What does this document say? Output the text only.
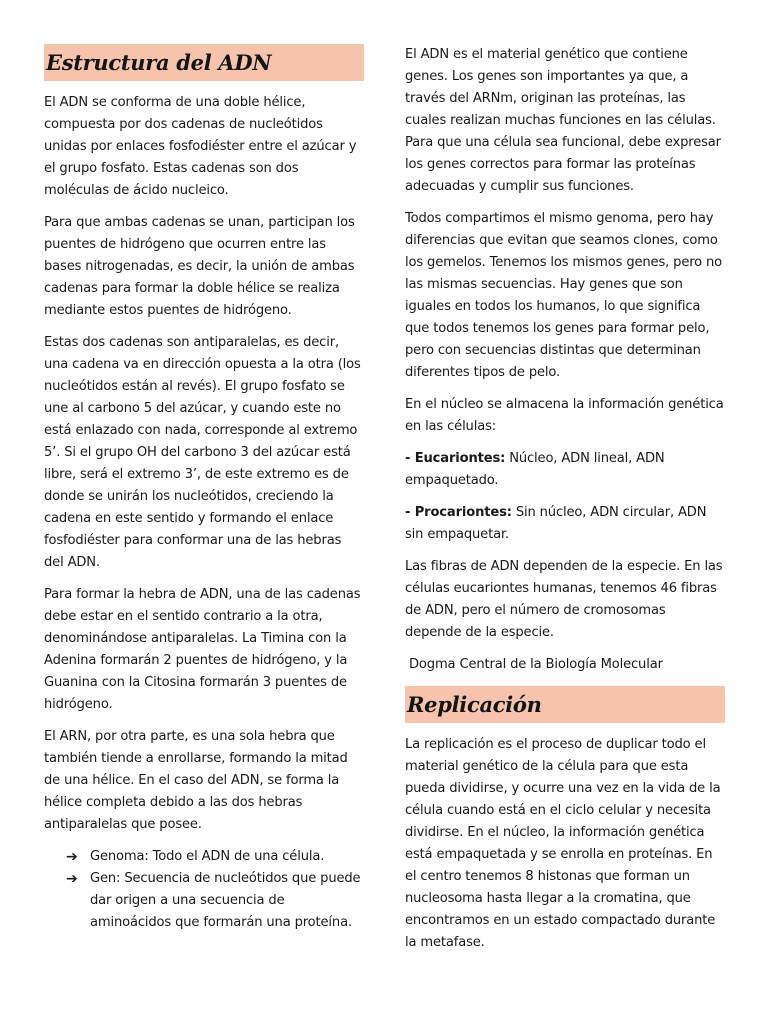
Estructura del ADN

El ADN se conforma de una doble hélice, compuesta por dos cadenas de nucleótidos unidas por enlaces fosfodiéster entre el azúcar y el grupo fosfato. Estas cadenas son dos moléculas de ácido nucleico.

Para que ambas cadenas se unan, participan los puentes de hidrógeno que ocurren entre las bases nitrogenadas, es decir, la unión de ambas cadenas para formar la doble hélice se realiza mediante estos puentes de hidrógeno.

Estas dos cadenas son antiparalelas, es decir, una cadena va en dirección opuesta a la otra (los nucleótidos están al revés). El grupo fosfato se une al carbono 5 del azúcar, y cuando este no está enlazado con nada, corresponde al extremo 5’. Si el grupo OH del carbono 3 del azúcar está libre, será el extremo 3’, de este extremo es de donde se unirán los nucleótidos, creciendo la cadena en este sentido y formando el enlace fosfodiéster para conformar una de las hebras del ADN.

Para formar la hebra de ADN, una de las cadenas debe estar en el sentido contrario a la otra, denominándose antiparalelas. La Timina con la Adenina formarán 2 puentes de hidrógeno, y la Guanina con la Citosina formarán 3 puentes de hidrógeno.

El ARN, por otra parte, es una sola hebra que también tiende a enrollarse, formando la mitad de una hélice. En el caso del ADN, se forma la hélice completa debido a las dos hebras antiparalelas que posee.

➔ Genoma: Todo el ADN de una célula.
➔ Gen: Secuencia de nucleótidos que puede dar origen a una secuencia de aminoácidos que formarán una proteína.

El ADN es el material genético que contiene genes. Los genes son importantes ya que, a través del ARNm, originan las proteínas, las cuales realizan muchas funciones en las células. Para que una célula sea funcional, debe expresar los genes correctos para formar las proteínas adecuadas y cumplir sus funciones.

Todos compartimos el mismo genoma, pero hay diferencias que evitan que seamos clones, como los gemelos. Tenemos los mismos genes, pero no las mismas secuencias. Hay genes que son iguales en todos los humanos, lo que significa que todos tenemos los genes para formar pelo, pero con secuencias distintas que determinan diferentes tipos de pelo.

En el núcleo se almacena la información genética en las células:

- Eucariontes: Núcleo, ADN lineal, ADN empaquetado.

- Procariontes: Sin núcleo, ADN circular, ADN sin empaquetar.

Las fibras de ADN dependen de la especie. En las células eucariontes humanas, tenemos 46 fibras de ADN, pero el número de cromosomas depende de la especie.

Dogma Central de la Biología Molecular

Replicación

La replicación es el proceso de duplicar todo el material genético de la célula para que esta pueda dividirse, y ocurre una vez en la vida de la célula cuando está en el ciclo celular y necesita dividirse. En el núcleo, la información genética está empaquetada y se enrolla en proteínas. En el centro tenemos 8 histonas que forman un nucleosoma hasta llegar a la cromatina, que encontramos en un estado compactado durante la metafase.
